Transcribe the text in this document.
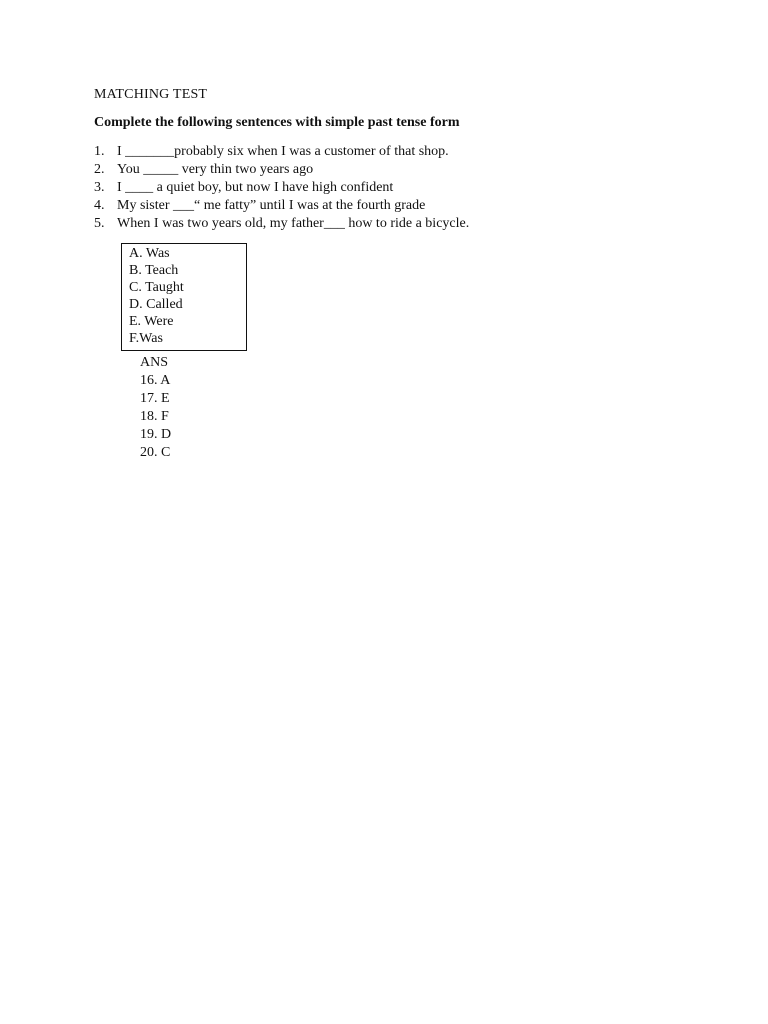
MATCHING TEST
Complete the following sentences with simple past tense form
1. I _______probably six when I was a customer of that shop.
2. You _____ very thin two years ago
3. I ____ a quiet boy, but now I have high confident
4. My sister ___“ me fatty” until I was at the fourth grade
5. When I was two years old, my father___ how to ride a bicycle.
A. Was
B. Teach
C. Taught
D. Called
E. Were
F.Was
ANS
16. A
17. E
18. F
19. D
20. C
